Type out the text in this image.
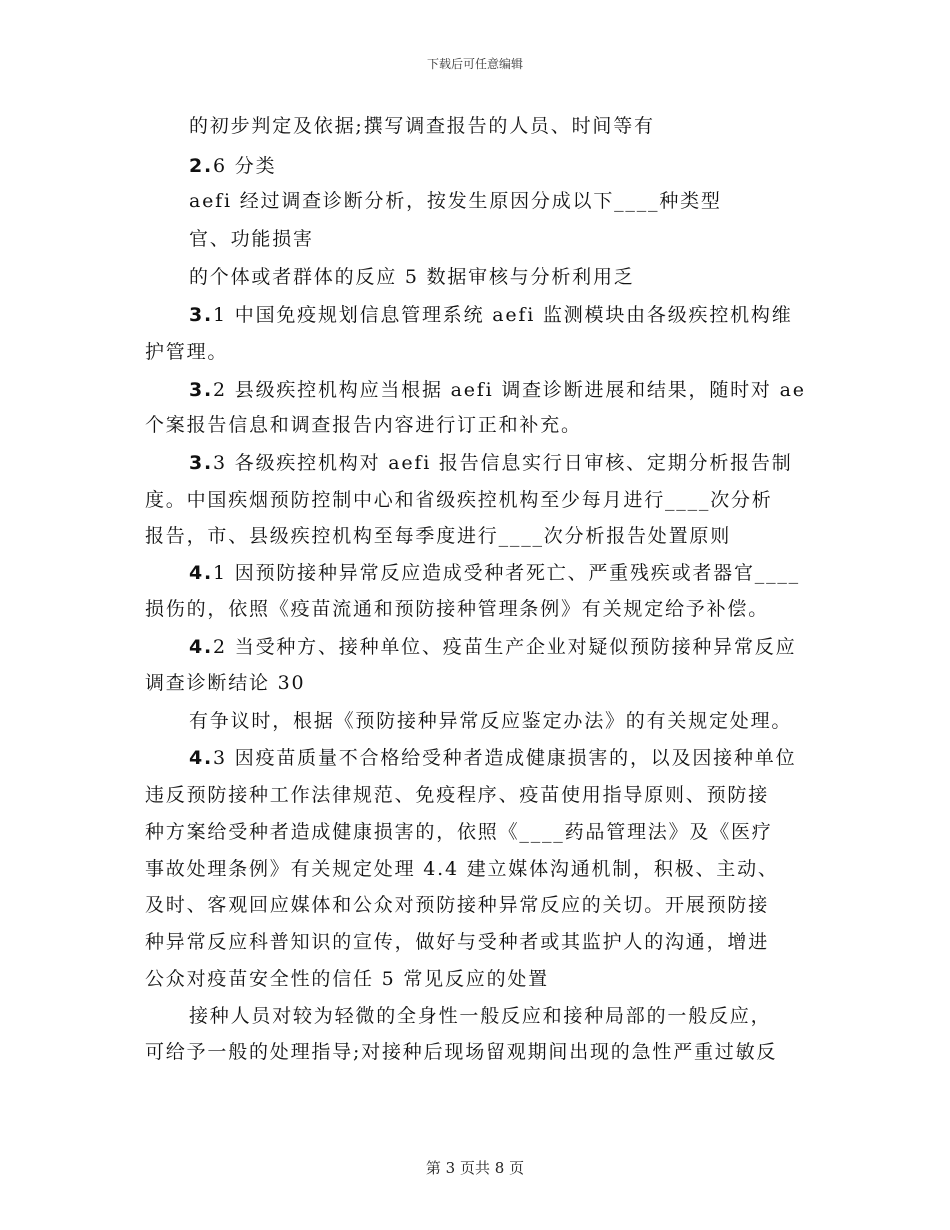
下载后可任意编辑
的初步判定及依据;撰写调查报告的人员、时间等有
2.6 分类
aefi 经过调查诊断分析，按发生原因分成以下____种类型
官、功能损害
的个体或者群体的反应 5 数据审核与分析利用乏
3.1 中国免疫规划信息管理系统 aefi 监测模块由各级疾控机构维
护管理。
3.2 县级疾控机构应当根据 aefi 调查诊断进展和结果，随时对 ae
个案报告信息和调查报告内容进行订正和补充。
3.3 各级疾控机构对 aefi 报告信息实行日审核、定期分析报告制
度。中国疾烟预防控制中心和省级疾控机构至少每月进行____次分析
报告，市、县级疾控机构至每季度进行____次分析报告处置原则
4.1 因预防接种异常反应造成受种者死亡、严重残疾或者器官____
损伤的，依照《疫苗流通和预防接种管理条例》有关规定给予补偿。
4.2 当受种方、接种单位、疫苗生产企业对疑似预防接种异常反应
调查诊断结论 30
有争议时，根据《预防接种异常反应鉴定办法》的有关规定处理。
4.3 因疫苗质量不合格给受种者造成健康损害的，以及因接种单位
违反预防接种工作法律规范、免疫程序、疫苗使用指导原则、预防接
种方案给受种者造成健康损害的，依照《____药品管理法》及《医疗
事故处理条例》有关规定处理 4.4 建立媒体沟通机制，积极、主动、
及时、客观回应媒体和公众对预防接种异常反应的关切。开展预防接
种异常反应科普知识的宣传，做好与受种者或其监护人的沟通，增进
公众对疫苗安全性的信任 5 常见反应的处置
接种人员对较为轻微的全身性一般反应和接种局部的一般反应，
可给予一般的处理指导;对接种后现场留观期间出现的急性严重过敏反
第 3 页共 8 页
